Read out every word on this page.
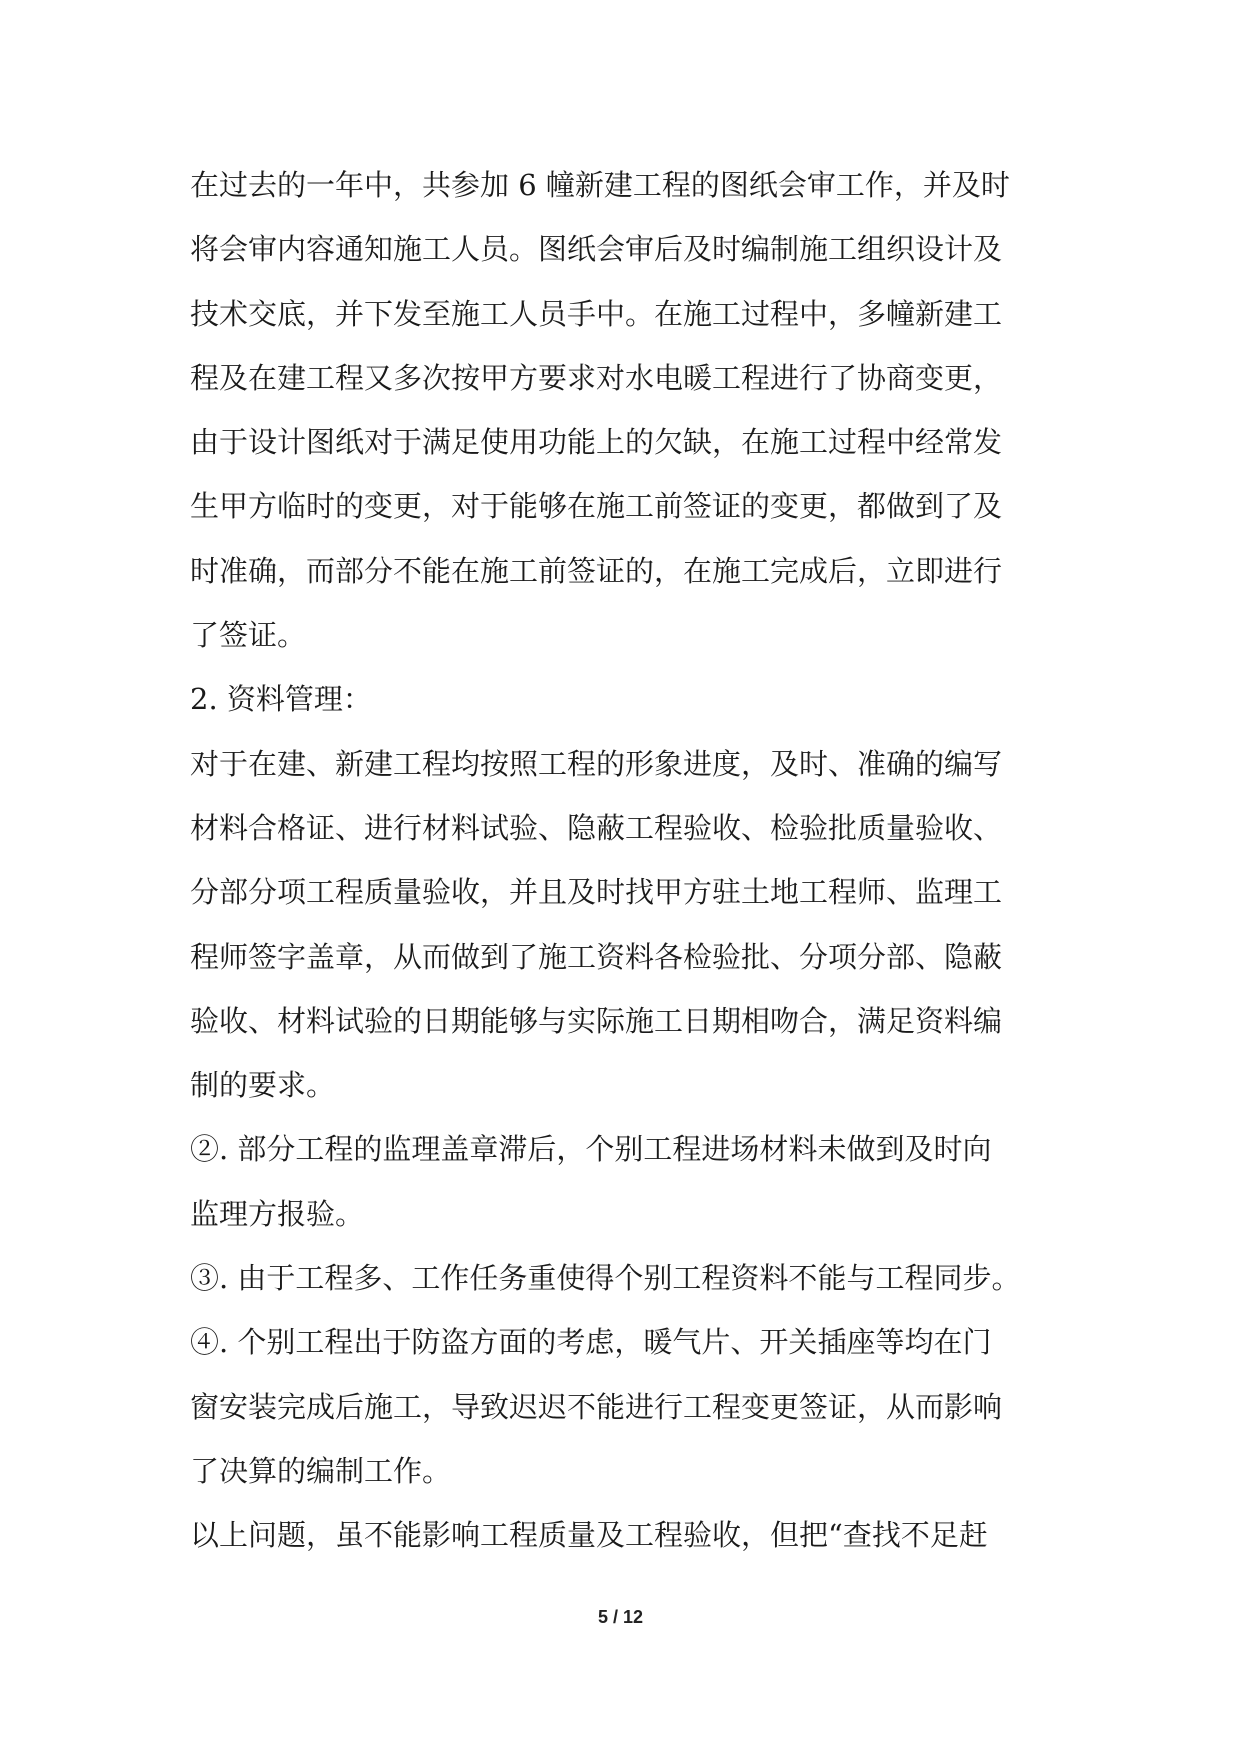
在过去的一年中，共参加 6 幢新建工程的图纸会审工作，并及时
将会审内容通知施工人员。图纸会审后及时编制施工组织设计及
技术交底，并下发至施工人员手中。在施工过程中，多幢新建工
程及在建工程又多次按甲方要求对水电暖工程进行了协商变更，
由于设计图纸对于满足使用功能上的欠缺，在施工过程中经常发
生甲方临时的变更，对于能够在施工前签证的变更，都做到了及
时准确，而部分不能在施工前签证的，在施工完成后，立即进行
了签证。
2. 资料管理：
对于在建、新建工程均按照工程的形象进度，及时、准确的编写
材料合格证、进行材料试验、隐蔽工程验收、检验批质量验收、
分部分项工程质量验收，并且及时找甲方驻土地工程师、监理工
程师签字盖章，从而做到了施工资料各检验批、分项分部、隐蔽
验收、材料试验的日期能够与实际施工日期相吻合，满足资料编
制的要求。
②. 部分工程的监理盖章滞后，个别工程进场材料未做到及时向
监理方报验。
③. 由于工程多、工作任务重使得个别工程资料不能与工程同步。
④. 个别工程出于防盗方面的考虑，暖气片、开关插座等均在门
窗安装完成后施工，导致迟迟不能进行工程变更签证，从而影响
了决算的编制工作。
以上问题，虽不能影响工程质量及工程验收，但把“查找不足赶
5 / 12
